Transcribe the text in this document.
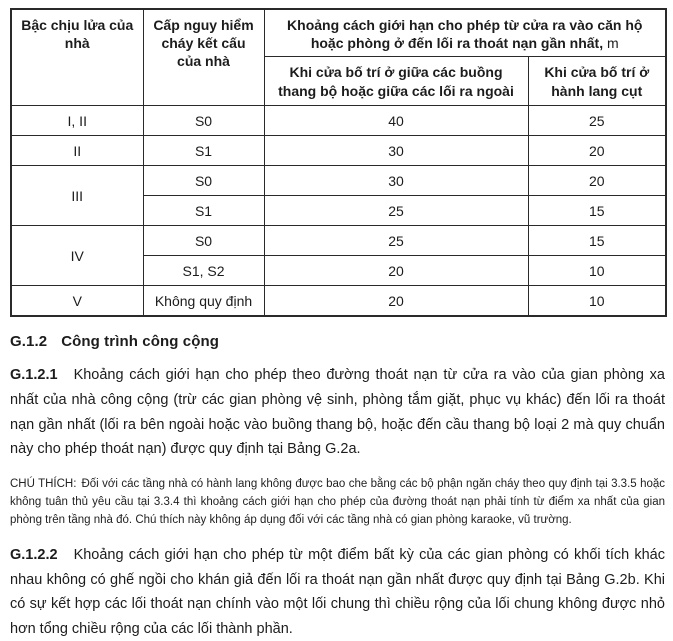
Bậc chịu lửa của nhà	Cấp nguy hiểm cháy kết cấu của nhà	Khoảng cách giới hạn cho phép từ cửa ra vào căn hộ hoặc phòng ở đến lối ra thoát nạn gần nhất, m	
		Khi cửa bố trí ở giữa các buồng thang bộ hoặc giữa các lối ra ngoài	Khi cửa bố trí ở hành lang cụt
I, II	S0	40	25
II	S1	30	20
III	S0	30	20
	S1	25	15
IV	S0	25	15
	S1, S2	20	10
V	Không quy định	20	10
G.1.2 Công trình công cộng

G.1.2.1 Khoảng cách giới hạn cho phép theo đường thoát nạn từ cửa ra vào của gian phòng xa nhất của nhà công cộng (trừ các gian phòng vệ sinh, phòng tắm giặt, phục vụ khác) đến lối ra thoát nạn gần nhất (lối ra bên ngoài hoặc vào buồng thang bộ, hoặc đến cầu thang bộ loại 2 mà quy chuẩn này cho phép thoát nạn) được quy định tại Bảng G.2a.

CHÚ THÍCH: Đối với các tầng nhà có hành lang không được bao che bằng các bộ phận ngăn cháy theo quy định tại 3.3.5 hoặc không tuân thủ yêu cầu tại 3.3.4 thì khoảng cách giới hạn cho phép của đường thoát nạn phải tính từ điểm xa nhất của gian phòng trên tầng nhà đó. Chú thích này không áp dụng đối với các tầng nhà có gian phòng karaoke, vũ trường.

G.1.2.2 Khoảng cách giới hạn cho phép từ một điểm bất kỳ của các gian phòng có khối tích khác nhau không có ghế ngồi cho khán giả đến lối ra thoát nạn gần nhất được quy định tại Bảng G.2b. Khi có sự kết hợp các lối thoát nạn chính vào một lối chung thì chiều rộng của lối chung không được nhỏ hơn tổng chiều rộng của các lối thành phần.
